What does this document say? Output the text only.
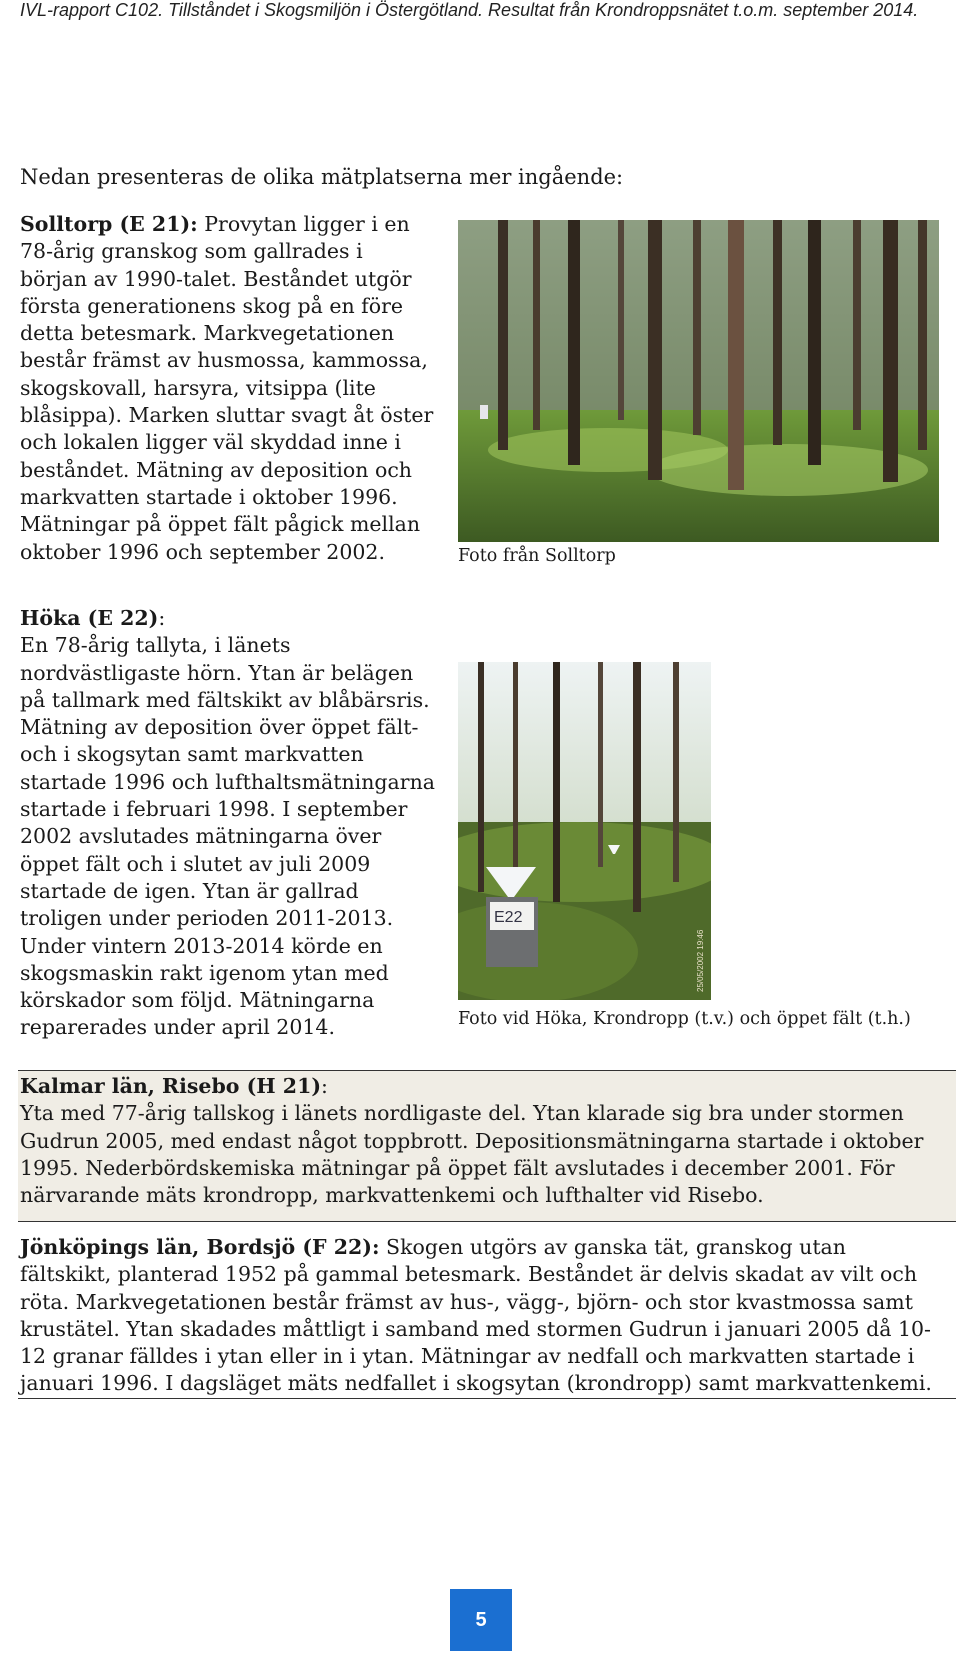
IVL-rapport C102. Tillståndet i Skogsmiljön i Östergötland. Resultat från Krondroppsnätet t.o.m. september 2014.
Nedan presenteras de olika mätplatserna mer ingående:
Solltorp (E 21): Provytan ligger i en
78-årig granskog som gallrades i
början av 1990-talet. Beståndet utgör
första generationens skog på en före
detta betesmark. Markvegetationen
består främst av husmossa, kammossa,
skogskovall, harsyra, vitsippa (lite
blåsippa). Marken sluttar svagt åt öster
och lokalen ligger väl skyddad inne i
beståndet. Mätning av deposition och
markvatten startade i oktober 1996.
Mätningar på öppet fält pågick mellan
oktober 1996 och september 2002.	Foto från Solltorp
Höka (E 22):
En 78-årig tallyta, i länets
nordvästligaste hörn. Ytan är belägen
på tallmark med fältskikt av blåbärsris.
Mätning av deposition över öppet fält-
och i skogsytan samt markvatten
startade 1996 och lufthaltsmätningarna
startade i februari 1998. I september
2002 avslutades mätningarna över
öppet fält och i slutet av juli 2009
startade de igen. Ytan är gallrad
troligen under perioden 2011-2013.
Under vintern 2013-2014 körde en
skogsmaskin rakt igenom ytan med
körskador som följd. Mätningarna
reparerades under april 2014.
E22
25/05/2002 19:46
Foto vid Höka, Krondropp (t.v.) och öppet fält (t.h.)
Kalmar län, Risebo (H 21):
Yta med 77-årig tallskog i länets nordligaste del. Ytan klarade sig bra under stormen
Gudrun 2005, med endast något toppbrott. Depositionsmätningarna startade i oktober
1995. Nederbördskemiska mätningar på öppet fält avslutades i december 2001. För
närvarande mäts krondropp, markvattenkemi och lufthalter vid Risebo.
Jönköpings län, Bordsjö (F 22): Skogen utgörs av ganska tät, granskog utan
fältskikt, planterad 1952 på gammal betesmark. Beståndet är delvis skadat av vilt och
röta. Markvegetationen består främst av hus-, vägg-, björn- och stor kvastmossa samt
krustätel. Ytan skadades måttligt i samband med stormen Gudrun i januari 2005 då 10-
12 granar fälldes i ytan eller in i ytan. Mätningar av nedfall och markvatten startade i
januari 1996. I dagsläget mäts nedfallet i skogsytan (krondropp) samt markvattenkemi.
5
